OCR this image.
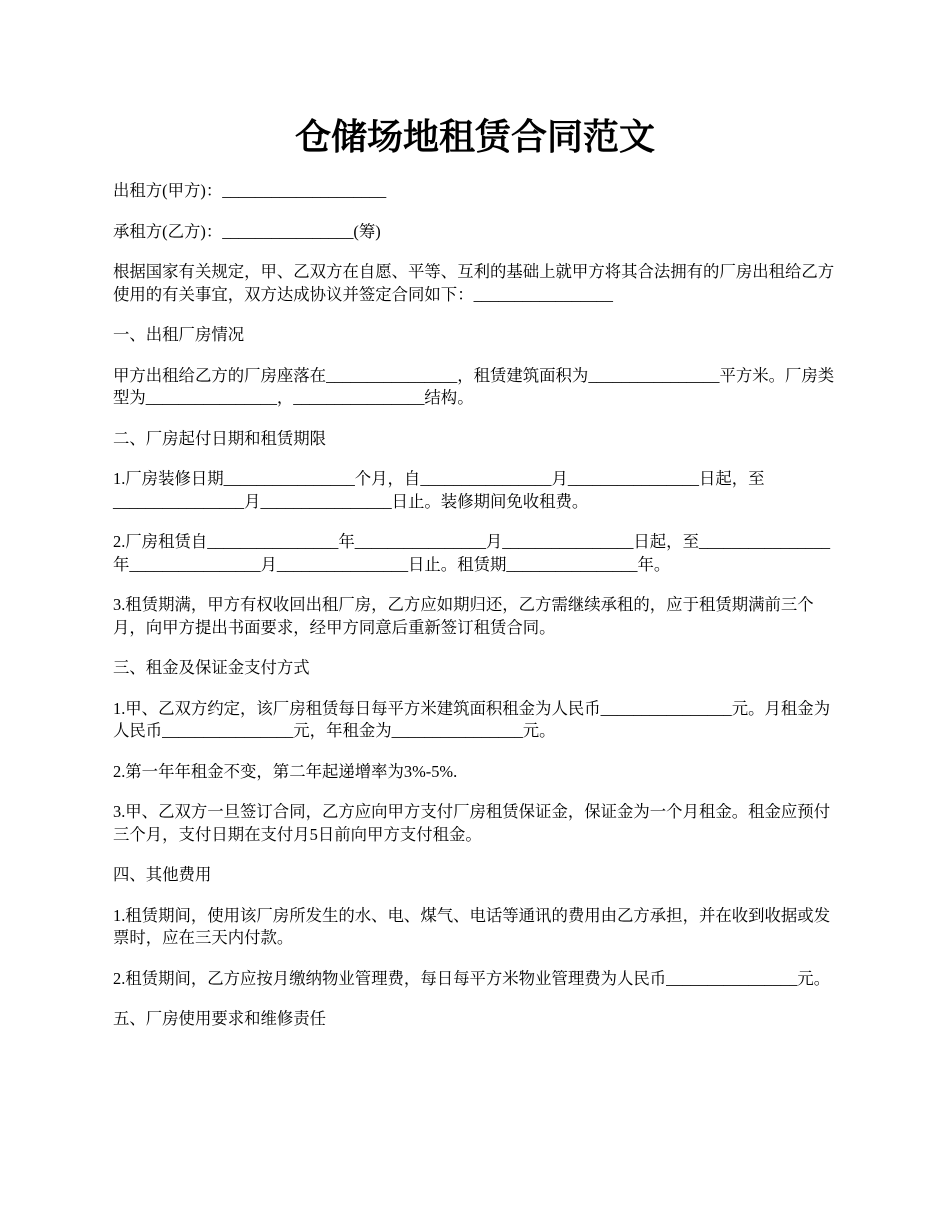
仓储场地租赁合同范文

出租方(甲方)：____________________

承租方(乙方)：________________(筹)

根据国家有关规定，甲、乙双方在自愿、平等、互利的基础上就甲方将其合法拥有的厂房出租给乙方使用的有关事宜，双方达成协议并签定合同如下：_________________

一、出租厂房情况

甲方出租给乙方的厂房座落在________________，租赁建筑面积为________________平方米。厂房类型为________________，________________结构。

二、厂房起付日期和租赁期限

1.厂房装修日期________________个月，自________________月________________日起，至________________月________________日止。装修期间免收租费。

2.厂房租赁自________________年________________月________________日起，至________________年________________月________________日止。租赁期________________年。

3.租赁期满，甲方有权收回出租厂房，乙方应如期归还，乙方需继续承租的，应于租赁期满前三个月，向甲方提出书面要求，经甲方同意后重新签订租赁合同。

三、租金及保证金支付方式

1.甲、乙双方约定，该厂房租赁每日每平方米建筑面积租金为人民币________________元。月租金为人民币________________元，年租金为________________元。

2.第一年年租金不变，第二年起递增率为3%-5%.

3.甲、乙双方一旦签订合同，乙方应向甲方支付厂房租赁保证金，保证金为一个月租金。租金应预付三个月，支付日期在支付月5日前向甲方支付租金。

四、其他费用

1.租赁期间，使用该厂房所发生的水、电、煤气、电话等通讯的费用由乙方承担，并在收到收据或发票时，应在三天内付款。

2.租赁期间，乙方应按月缴纳物业管理费，每日每平方米物业管理费为人民币________________元。

五、厂房使用要求和维修责任
